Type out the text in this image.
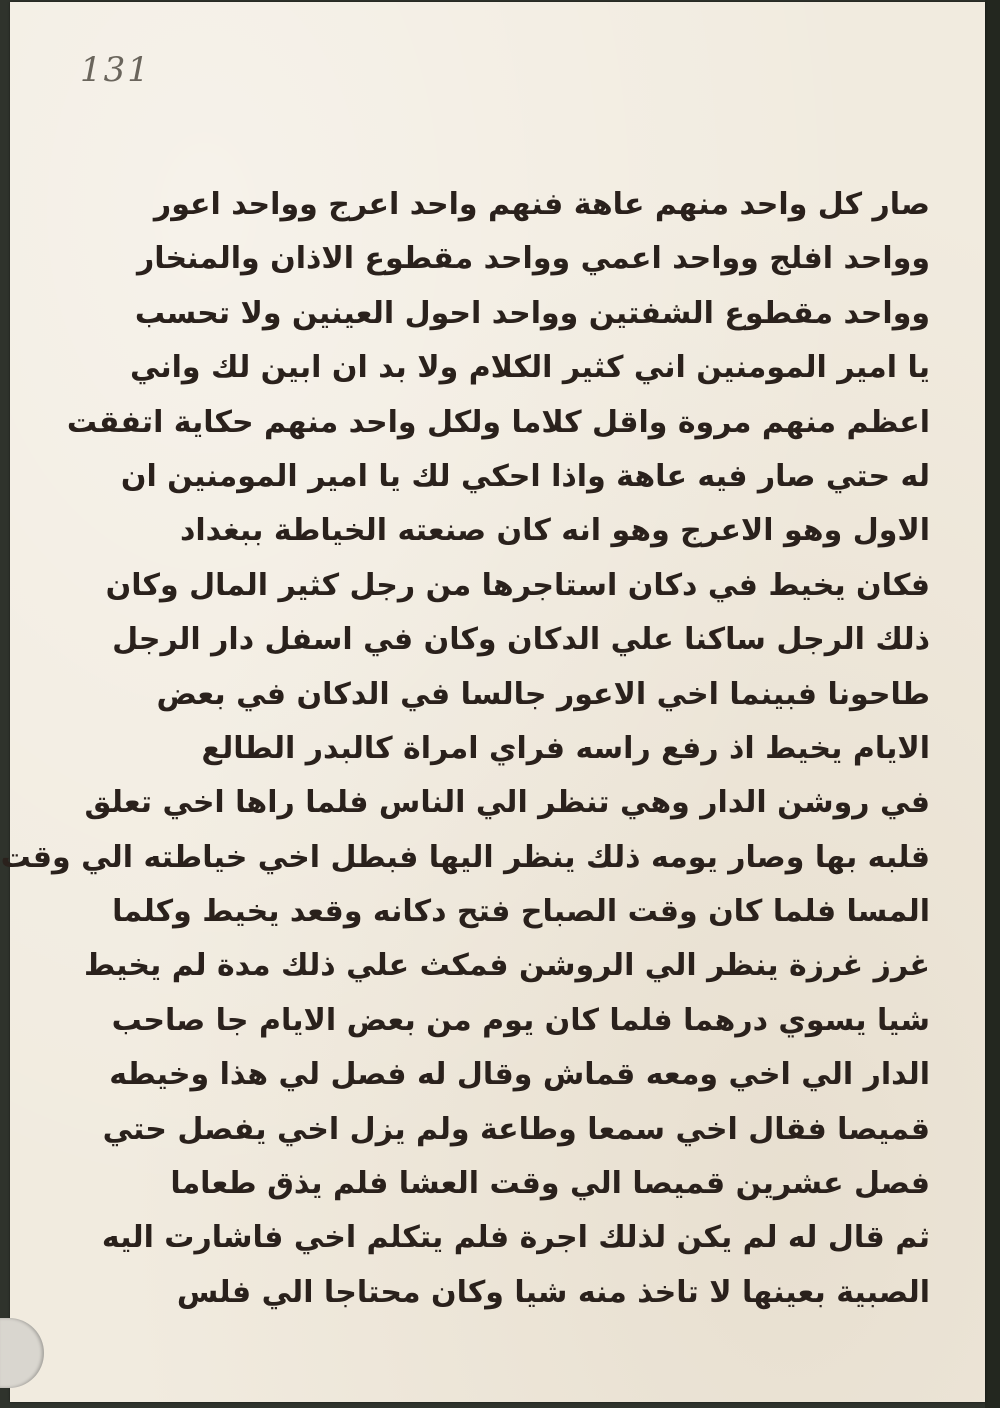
131
صار كل واحد منهم عاهة فنهم واحد اعرج وواحد اعور
وواحد افلج وواحد اعمي وواحد مقطوع الاذان والمنخار
وواحد مقطوع الشفتين وواحد احول العينين ولا تحسب
يا امير المومنين اني كثير الكلام ولا بد ان ابين لك واني
اعظم منهم مروة واقل كلاما ولكل واحد منهم حكاية اتفقت
له حتي صار فيه عاهة واذا احكي لك يا امير المومنين ان
الاول وهو الاعرج وهو انه كان صنعته الخياطة ببغداد
فكان يخيط في دكان استاجرها من رجل كثير المال وكان
ذلك الرجل ساكنا علي الدكان وكان في اسفل دار الرجل
طاحونا فبينما اخي الاعور جالسا في الدكان في بعض
الايام يخيط اذ رفع راسه فراي امراة كالبدر الطالع
في روشن الدار وهي تنظر الي الناس فلما راها اخي تعلق
قلبه بها وصار يومه ذلك ينظر اليها فبطل اخي خياطته الي وقت
المسا فلما كان وقت الصباح فتح دكانه وقعد يخيط وكلما
غرز غرزة ينظر الي الروشن فمكث علي ذلك مدة لم يخيط
شيا يسوي درهما فلما كان يوم من بعض الايام جا صاحب
الدار الي اخي ومعه قماش وقال له فصل لي هذا وخيطه
قميصا فقال اخي سمعا وطاعة ولم يزل اخي يفصل حتي
فصل عشرين قميصا الي وقت العشا فلم يذق طعاما
ثم قال له لم يكن لذلك اجرة فلم يتكلم اخي فاشارت اليه
الصبية بعينها لا تاخذ منه شيا وكان محتاجا الي فلس
